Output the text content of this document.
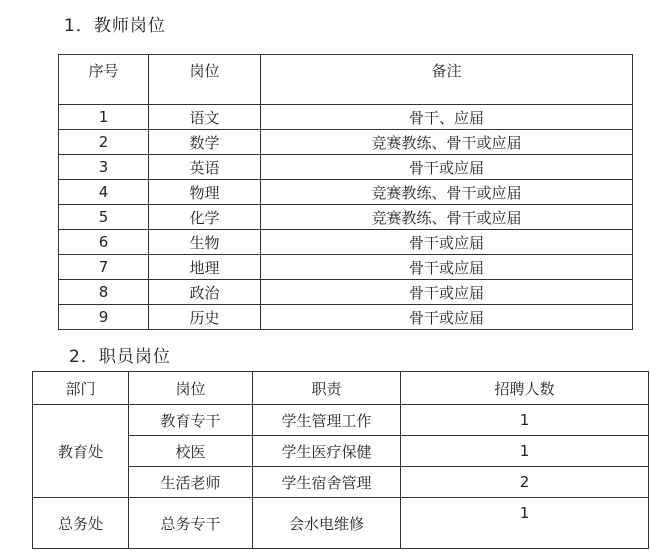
1．教师岗位
序号	岗位	备注
1	语文	骨干、应届
2	数学	竞赛教练、骨干或应届
3	英语	骨干或应届
4	物理	竞赛教练、骨干或应届
5	化学	竞赛教练、骨干或应届
6	生物	骨干或应届
7	地理	骨干或应届
8	政治	骨干或应届
9	历史	骨干或应届
2．职员岗位
部门	岗位	职责	招聘人数
教育处	教育专干	学生管理工作	1
	校医	学生医疗保健	1
	生活老师	学生宿舍管理	2
总务处	总务专干	会水电维修	1
